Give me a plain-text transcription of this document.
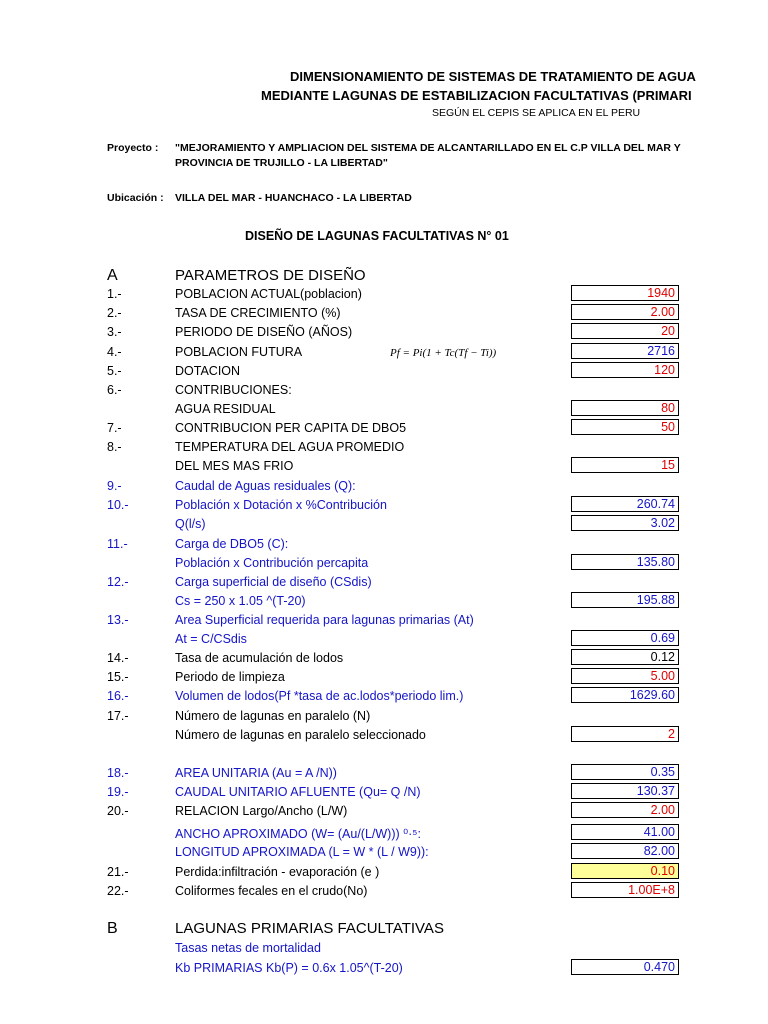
DIMENSIONAMIENTO DE SISTEMAS DE TRATAMIENTO DE AGUA
MEDIANTE LAGUNAS DE ESTABILIZACION FACULTATIVAS (PRIMARI
SEGÚN EL CEPIS SE APLICA EN EL PERU
Proyecto : "MEJORAMIENTO Y AMPLIACION DEL SISTEMA DE ALCANTARILLADO EN EL C.P VILLA DEL MAR Y
PROVINCIA DE TRUJILLO - LA LIBERTAD"
Ubicación : VILLA DEL MAR - HUANCHACO - LA LIBERTAD
DISEÑO DE LAGUNAS FACULTATIVAS N° 01
A	PARAMETROS DE DISEÑO
Pf = Pi(1 + Tc(Tf − Ti))
1.-	POBLACION ACTUAL(poblacion)	1940
2.-	TASA DE CRECIMIENTO (%)	2.00
3.-	PERIODO DE DISEÑO (AÑOS)	20
4.-	POBLACION FUTURA	2716
5.-	DOTACION	120
6.-	CONTRIBUCIONES:
AGUA RESIDUAL	80
7.-	CONTRIBUCION PER CAPITA DE DBO5	50
8.-	TEMPERATURA DEL AGUA PROMEDIO
DEL MES MAS FRIO	15
9.-	Caudal de Aguas residuales (Q):
10.-	Población x Dotación x %Contribución	260.74
Q(l/s)	3.02
11.-	Carga de DBO5 (C):
Población x Contribución percapita	135.80
12.-	Carga superficial de diseño (CSdis)
Cs = 250 x 1.05 ^(T-20)	195.88
13.-	Area Superficial requerida para lagunas primarias (At)
At = C/CSdis	0.69
14.-	Tasa de acumulación de lodos	0.12
15.-	Periodo de limpieza	5.00
16.-	Volumen de lodos(Pf *tasa de ac.lodos*periodo lim.)	1629.60
17.-	Número de lagunas en paralelo (N)
Número de lagunas en paralelo seleccionado	2
18.-	AREA UNITARIA (Au = A /N))	0.35
19.-	CAUDAL UNITARIO AFLUENTE (Qu= Q /N)	130.37
20.-	RELACION Largo/Ancho (L/W)	2.00
ANCHO APROXIMADO (W= (Au/(L/W))) ⁰·⁵:	41.00
LONGITUD APROXIMADA (L = W * (L / W9)):	82.00
21.-	Perdida:infiltración - evaporación (e )	0.10
22.-	Coliformes fecales en el crudo(No)	1.00E+8
B	LAGUNAS PRIMARIAS FACULTATIVAS
Tasas netas de mortalidad
Kb PRIMARIAS Kb(P) = 0.6x 1.05^(T-20)	0.470
